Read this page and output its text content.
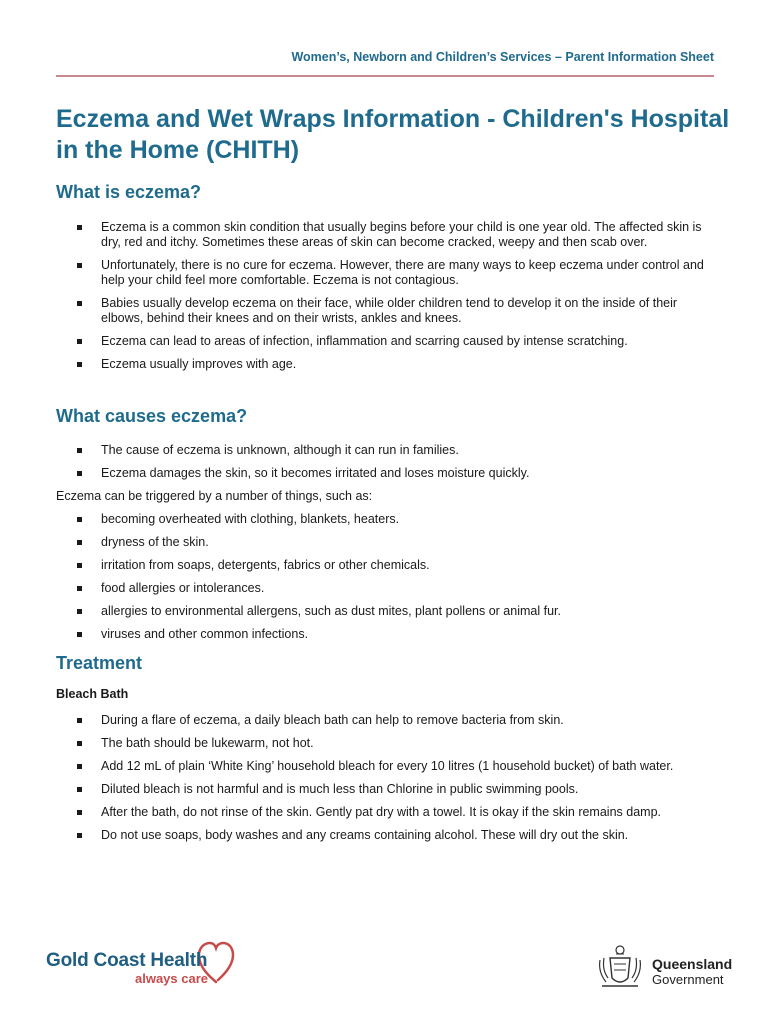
Women’s, Newborn and Children’s Services – Parent Information Sheet
Eczema and Wet Wraps Information - Children's Hospital in the Home (CHITH)
What is eczema?
Eczema is a common skin condition that usually begins before your child is one year old. The affected skin is dry, red and itchy. Sometimes these areas of skin can become cracked, weepy and then scab over.
Unfortunately, there is no cure for eczema. However, there are many ways to keep eczema under control and help your child feel more comfortable. Eczema is not contagious.
Babies usually develop eczema on their face, while older children tend to develop it on the inside of their elbows, behind their knees and on their wrists, ankles and knees.
Eczema can lead to areas of infection, inflammation and scarring caused by intense scratching.
Eczema usually improves with age.
What causes eczema?
The cause of eczema is unknown, although it can run in families.
Eczema damages the skin, so it becomes irritated and loses moisture quickly.

Eczema can be triggered by a number of things, such as:

becoming overheated with clothing, blankets, heaters.
dryness of the skin.
irritation from soaps, detergents, fabrics or other chemicals.
food allergies or intolerances.
allergies to environmental allergens, such as dust mites, plant pollens or animal fur.
viruses and other common infections.
Treatment
Bleach Bath
During a flare of eczema, a daily bleach bath can help to remove bacteria from skin.
The bath should be lukewarm, not hot.
Add 12 mL of plain ‘White King’ household bleach for every 10 litres (1 household bucket) of bath water.
Diluted bleach is not harmful and is much less than Chlorine in public swimming pools.
After the bath, do not rinse of the skin. Gently pat dry with a towel. It is okay if the skin remains damp.
Do not use soaps, body washes and any creams containing alcohol. These will dry out the skin.
Gold Coast Health
always care
Queensland
Government
